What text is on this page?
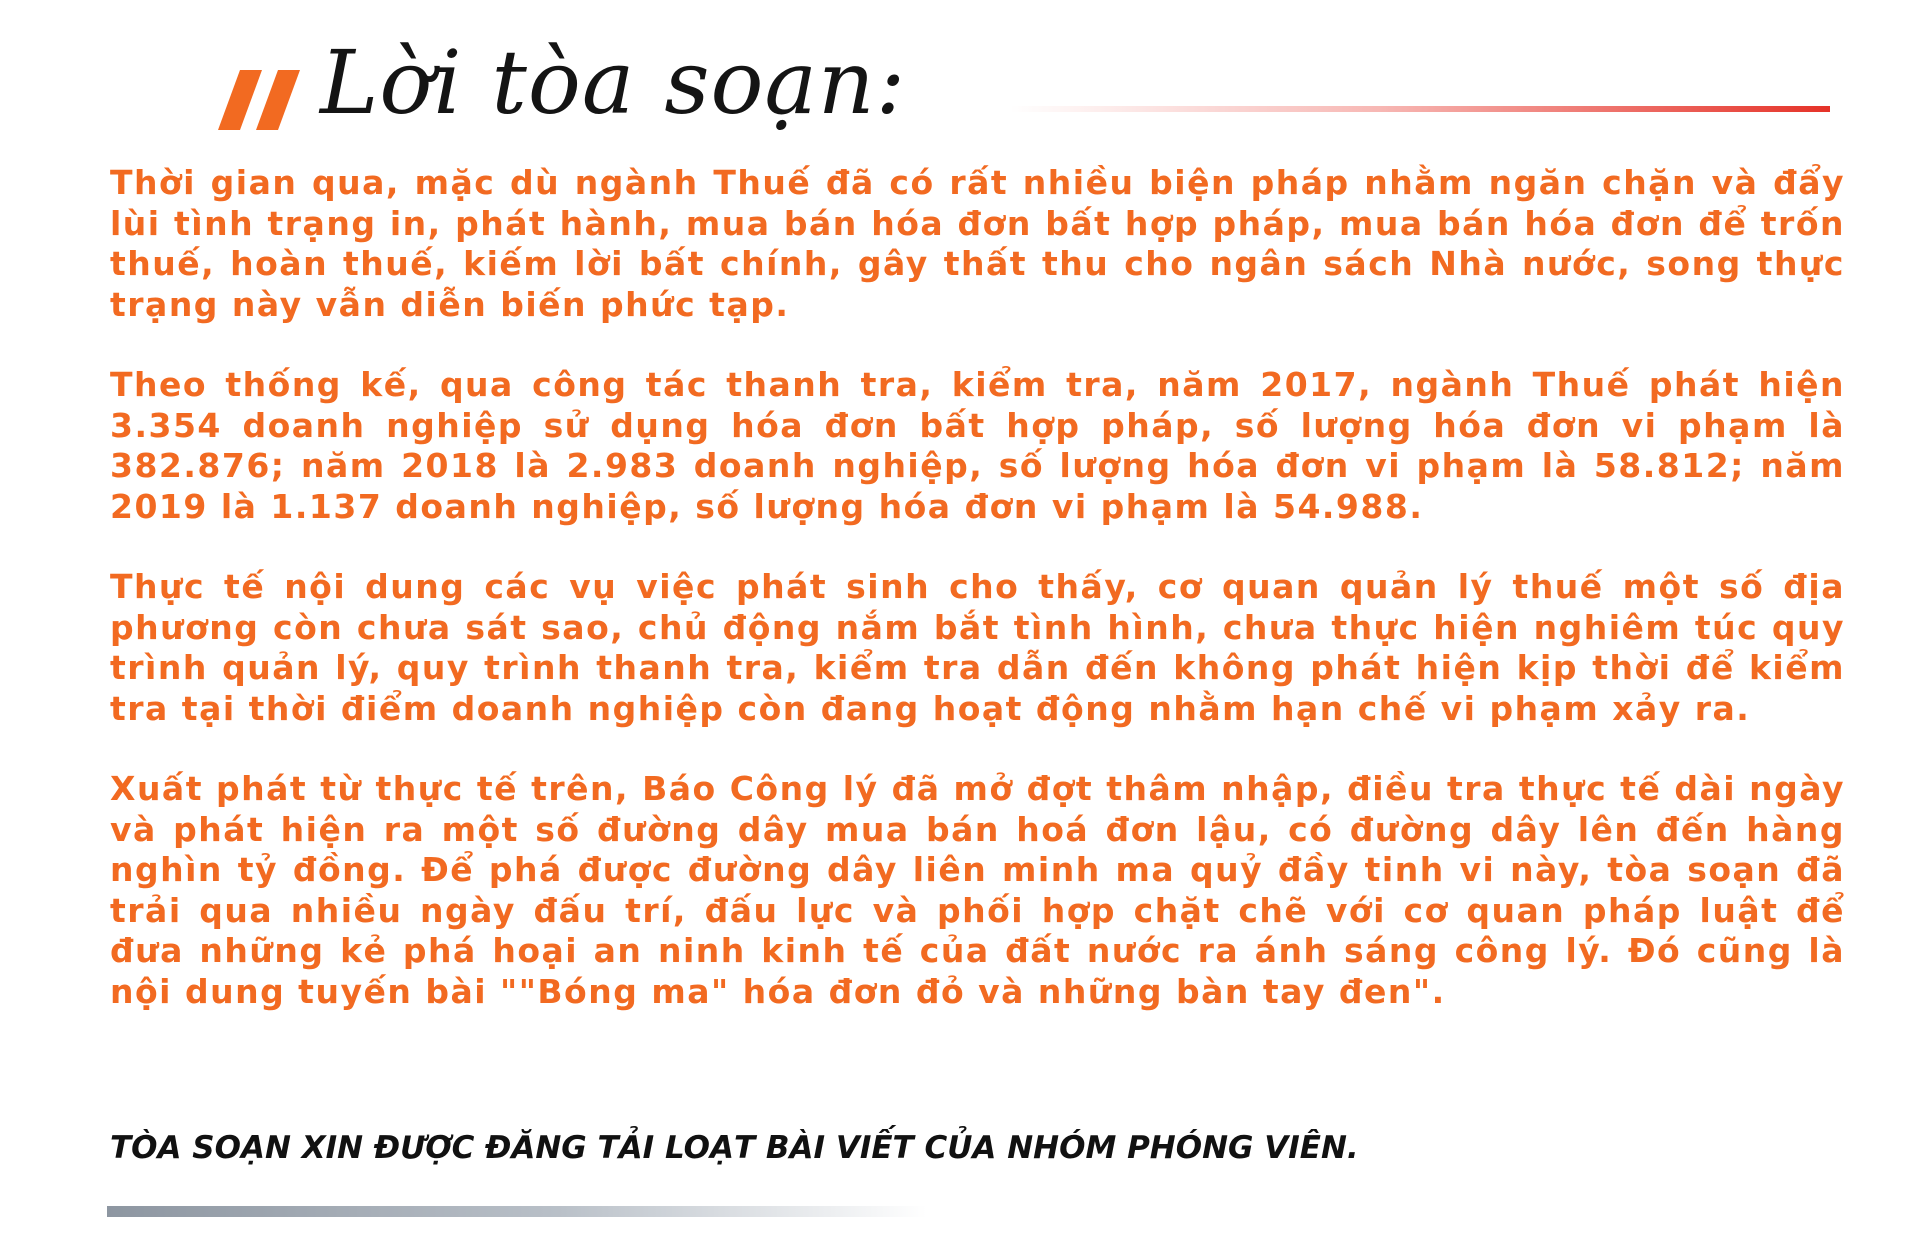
Lời tòa soạn:

Thời gian qua, mặc dù ngành Thuế đã có rất nhiều biện pháp nhằm ngăn chặn và đẩy lùi tình trạng in, phát hành, mua bán hóa đơn bất hợp pháp, mua bán hóa đơn để trốn thuế, hoàn thuế, kiếm lời bất chính, gây thất thu cho ngân sách Nhà nước, song thực trạng này vẫn diễn biến phức tạp.

Theo thống kế, qua công tác thanh tra, kiểm tra, năm 2017, ngành Thuế phát hiện 3.354 doanh nghiệp sử dụng hóa đơn bất hợp pháp, số lượng hóa đơn vi phạm là 382.876; năm 2018 là 2.983 doanh nghiệp, số lượng hóa đơn vi phạm là 58.812; năm 2019 là 1.137 doanh nghiệp, số lượng hóa đơn vi phạm là 54.988.

Thực tế nội dung các vụ việc phát sinh cho thấy, cơ quan quản lý thuế một số địa phương còn chưa sát sao, chủ động nắm bắt tình hình, chưa thực hiện nghiêm túc quy trình quản lý, quy trình thanh tra, kiểm tra dẫn đến không phát hiện kịp thời để kiểm tra tại thời điểm doanh nghiệp còn đang hoạt động nhằm hạn chế vi phạm xảy ra.

Xuất phát từ thực tế trên, Báo Công lý đã mở đợt thâm nhập, điều tra thực tế dài ngày và phát hiện ra một số đường dây mua bán hoá đơn lậu, có đường dây lên đến hàng nghìn tỷ đồng. Để phá được đường dây liên minh ma quỷ đầy tinh vi này, tòa soạn đã trải qua nhiều ngày đấu trí, đấu lực và phối hợp chặt chẽ với cơ quan pháp luật để đưa những kẻ phá hoại an ninh kinh tế của đất nước ra ánh sáng công lý. Đó cũng là nội dung tuyến bài ""Bóng ma" hóa đơn đỏ và những bàn tay đen".

TÒA SOẠN XIN ĐƯỢC ĐĂNG TẢI LOẠT BÀI VIẾT CỦA NHÓM PHÓNG VIÊN.
